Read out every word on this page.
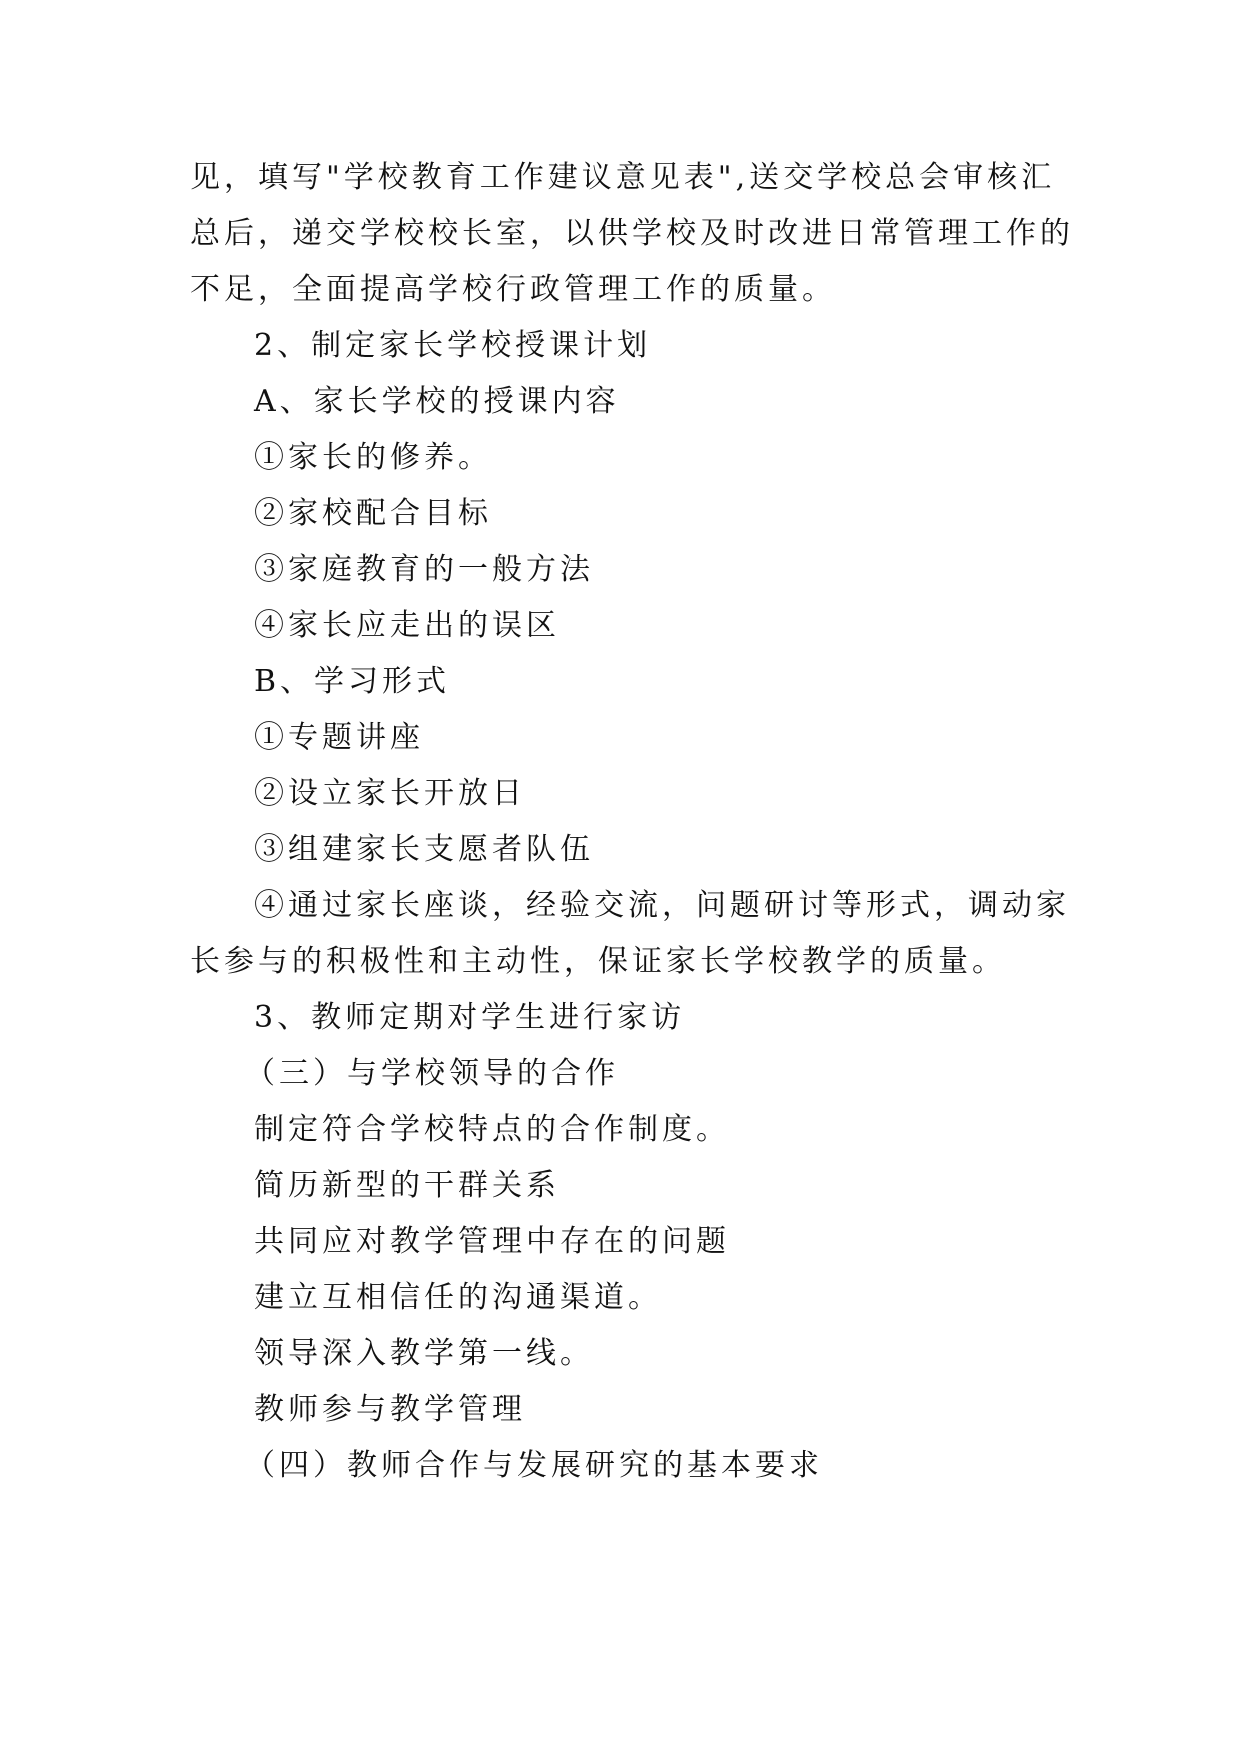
见，填写"学校教育工作建议意见表",送交学校总会审核汇
总后，递交学校校长室，以供学校及时改进日常管理工作的
不足，全面提高学校行政管理工作的质量。
2、制定家长学校授课计划
A、家长学校的授课内容
①家长的修养。
②家校配合目标
③家庭教育的一般方法
④家长应走出的误区
B、学习形式
①专题讲座
②设立家长开放日
③组建家长支愿者队伍
④通过家长座谈，经验交流，问题研讨等形式，调动家
长参与的积极性和主动性，保证家长学校教学的质量。
3、教师定期对学生进行家访
（三）与学校领导的合作
制定符合学校特点的合作制度。
简历新型的干群关系
共同应对教学管理中存在的问题
建立互相信任的沟通渠道。
领导深入教学第一线。
教师参与教学管理
（四）教师合作与发展研究的基本要求
